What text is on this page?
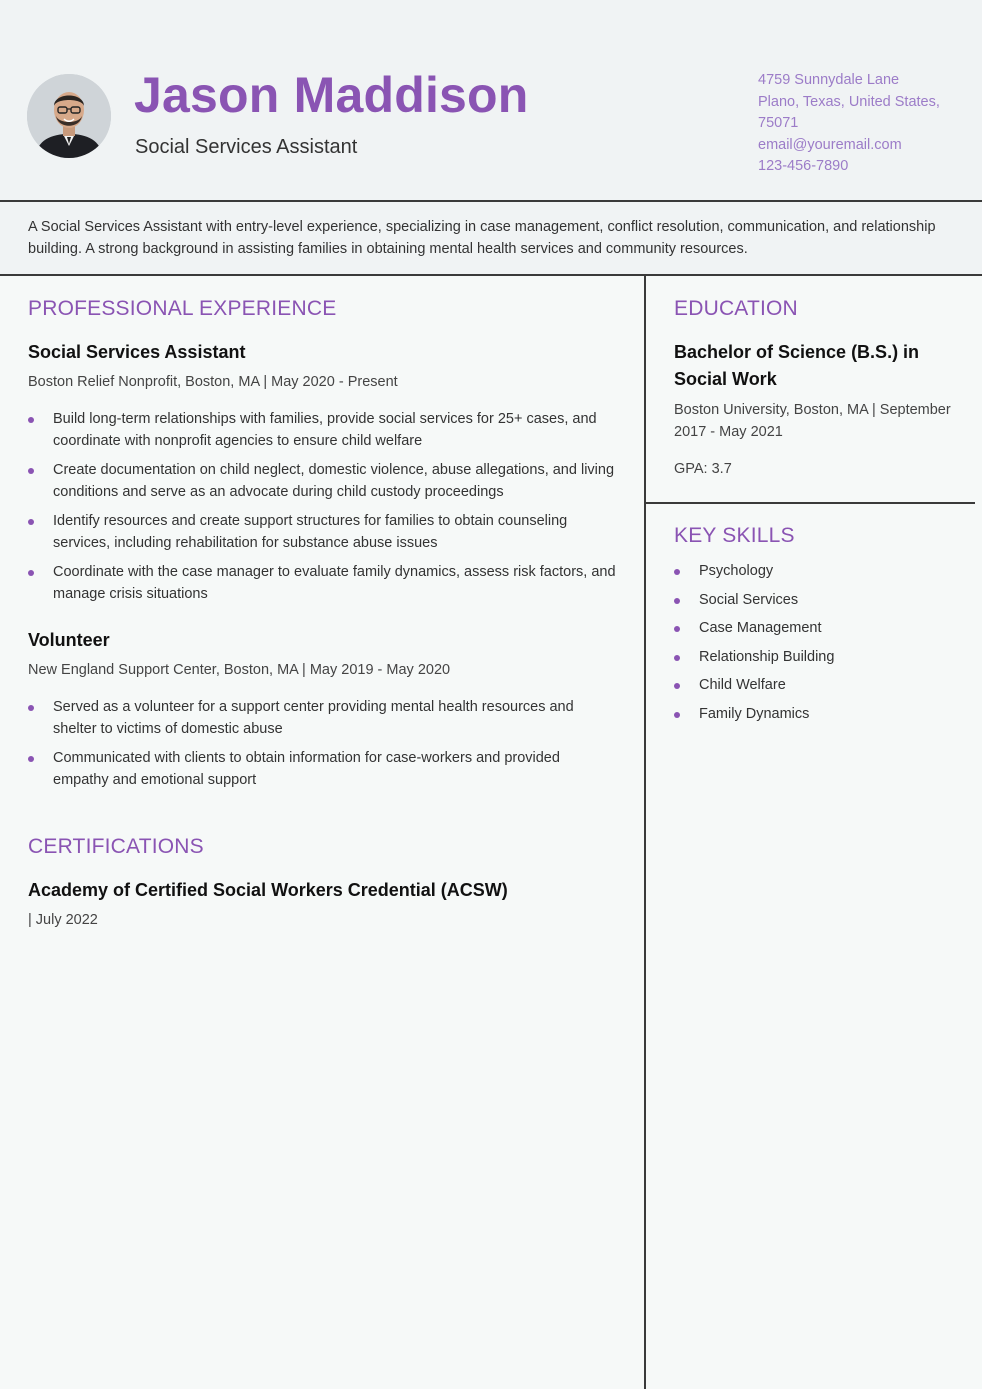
Jason Maddison
Social Services Assistant
4759 Sunnydale Lane
Plano, Texas, United States,
75071
email@youremail.com
123-456-7890

A Social Services Assistant with entry-level experience, specializing in case management, conflict resolution, communication, and relationship building. A strong background in assisting families in obtaining mental health services and community resources.

PROFESSIONAL EXPERIENCE
Social Services Assistant
Boston Relief Nonprofit, Boston, MA | May 2020 - Present
Build long-term relationships with families, provide social services for 25+ cases, and coordinate with nonprofit agencies to ensure child welfare
Create documentation on child neglect, domestic violence, abuse allegations, and living conditions and serve as an advocate during child custody proceedings
Identify resources and create support structures for families to obtain counseling services, including rehabilitation for substance abuse issues
Coordinate with the case manager to evaluate family dynamics, assess risk factors, and manage crisis situations
Volunteer
New England Support Center, Boston, MA | May 2019 - May 2020
Served as a volunteer for a support center providing mental health resources and shelter to victims of domestic abuse
Communicated with clients to obtain information for case-workers and provided empathy and emotional support
CERTIFICATIONS
Academy of Certified Social Workers Credential (ACSW)
| July 2022
EDUCATION
Bachelor of Science (B.S.) in Social Work
Boston University, Boston, MA | September 2017 - May 2021
GPA: 3.7
KEY SKILLS
Psychology
Social Services
Case Management
Relationship Building
Child Welfare
Family Dynamics
